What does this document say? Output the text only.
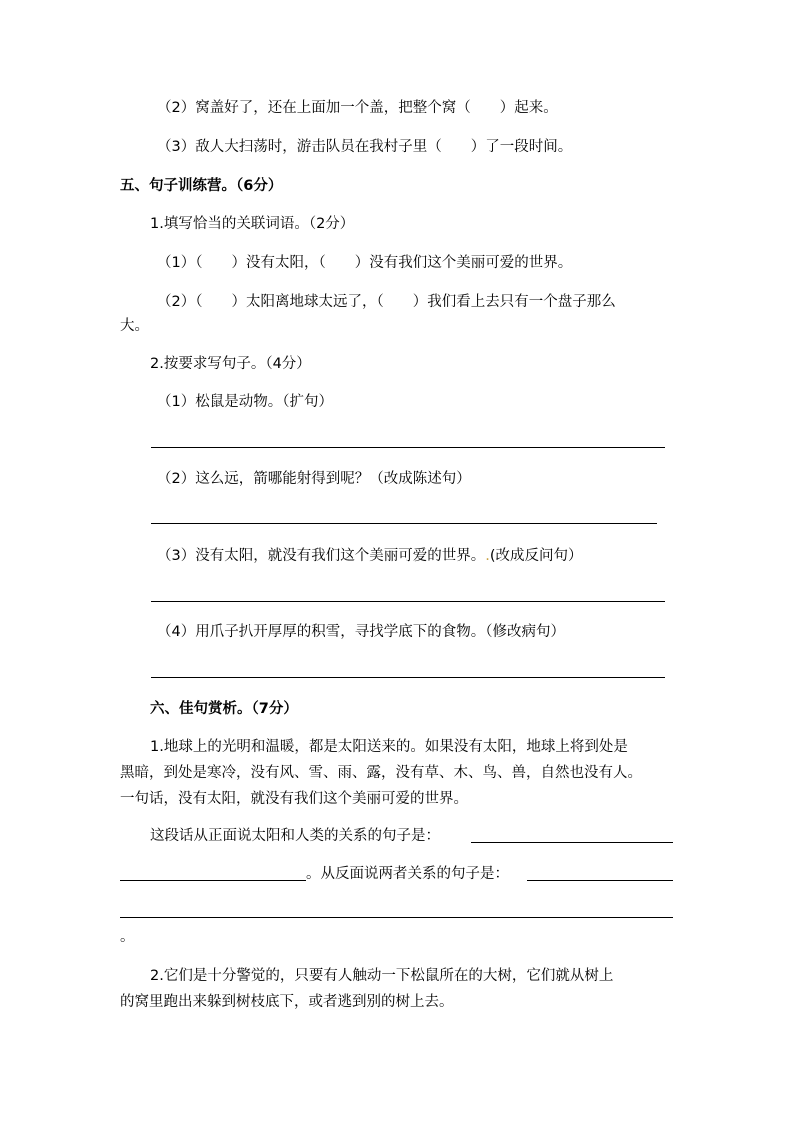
（2）窝盖好了，还在上面加一个盖，把整个窝（　　）起来。
（3）敌人大扫荡时，游击队员在我村子里（　　）了一段时间。
五、句子训练营。（6分）
1.填写恰当的关联词语。（2分）
（1）（　　）没有太阳，（　　）没有我们这个美丽可爱的世界。
（2）（　　）太阳离地球太远了，（　　）我们看上去只有一个盘子那么
大。
2.按要求写句子。（4分）
（1）松鼠是动物。（扩句）
（2）这么远，箭哪能射得到呢？（改成陈述句）
（3）没有太阳，就没有我们这个美丽可爱的世界。.(改成反问句）
（4）用爪子扒开厚厚的积雪，寻找学底下的食物。（修改病句）
六、佳句赏析。（7分）
1.地球上的光明和温暖，都是太阳送来的。如果没有太阳，地球上将到处是
黑暗，到处是寒冷，没有风、雪、雨、露，没有草、木、鸟、兽，自然也没有人。
一句话，没有太阳，就没有我们这个美丽可爱的世界。
这段话从正面说太阳和人类的关系的句子是：
。从反面说两者关系的句子是：
。
2.它们是十分警觉的，只要有人触动一下松鼠所在的大树，它们就从树上
的窝里跑出来躲到树枝底下，或者逃到别的树上去。
